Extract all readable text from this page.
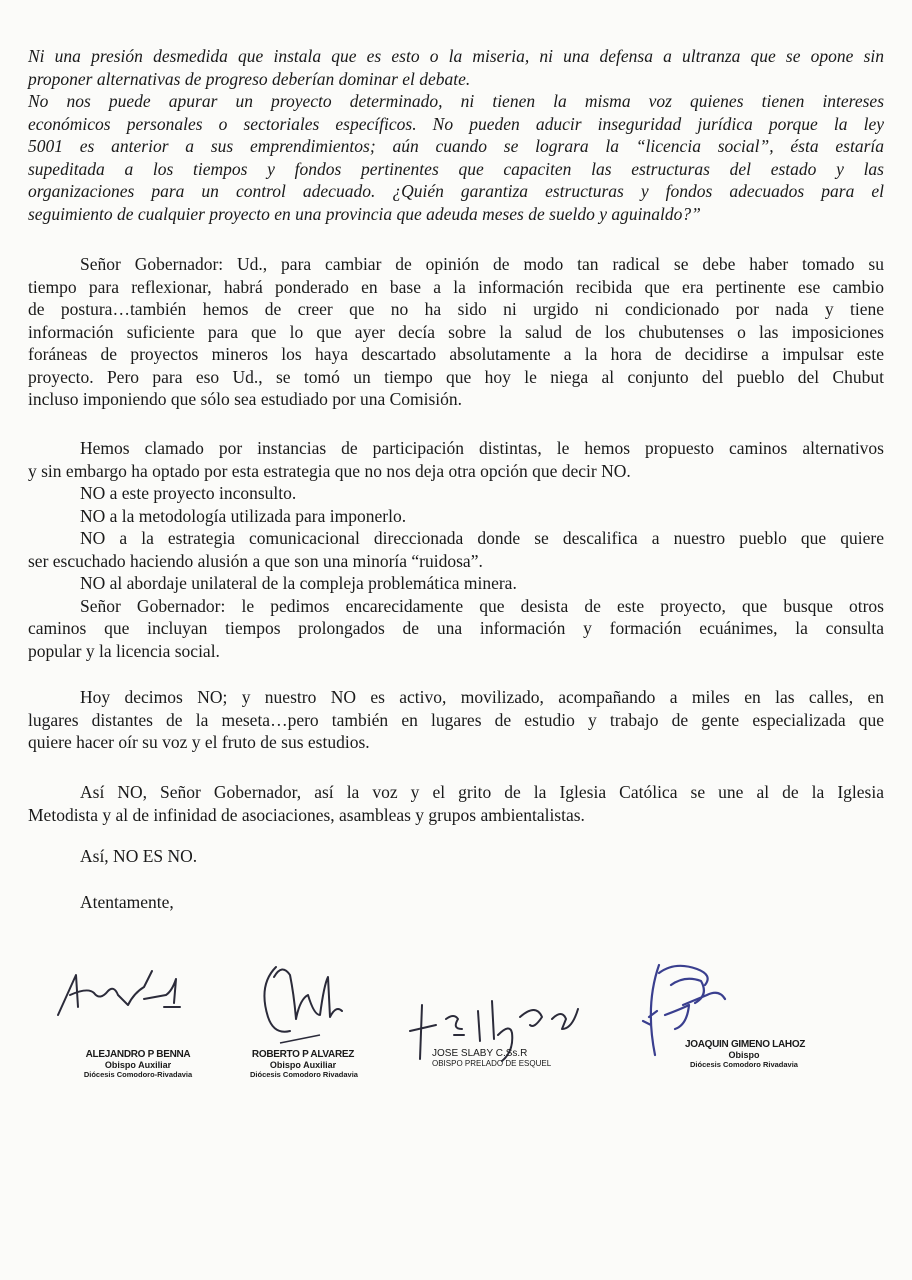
Ni una presión desmedida que instala que es esto o la miseria, ni una defensa a ultranza que se opone sin
proponer alternativas de progreso deberían dominar el debate.
No nos puede apurar un proyecto determinado, ni tienen la misma voz quienes tienen intereses
económicos personales o sectoriales específicos. No pueden aducir inseguridad jurídica porque la ley
5001 es anterior a sus emprendimientos; aún cuando se lograra la “licencia social”, ésta estaría
supeditada a los tiempos y fondos pertinentes que capaciten las estructuras del estado y las
organizaciones para un control adecuado. ¿Quién garantiza estructuras y fondos adecuados para el
seguimiento de cualquier proyecto en una provincia que adeuda meses de sueldo y aguinaldo?”
Señor Gobernador: Ud., para cambiar de opinión de modo tan radical se debe haber tomado su
tiempo para reflexionar, habrá ponderado en base a la información recibida que era pertinente ese cambio
de postura…también hemos de creer que no ha sido ni urgido ni condicionado por nada y tiene
información suficiente para que lo que ayer decía sobre la salud de los chubutenses o las imposiciones
foráneas de proyectos mineros los haya descartado absolutamente a la hora de decidirse a impulsar este
proyecto. Pero para eso Ud., se tomó un tiempo que hoy le niega al conjunto del pueblo del Chubut
incluso imponiendo que sólo sea estudiado por una Comisión.
Hemos clamado por instancias de participación distintas, le hemos propuesto caminos alternativos
y sin embargo ha optado por esta estrategia que no nos deja otra opción que decir NO.
NO a este proyecto inconsulto.
NO a la metodología utilizada para imponerlo.
NO a la estrategia comunicacional direccionada donde se descalifica a nuestro pueblo que quiere
ser escuchado haciendo alusión a que son una minoría “ruidosa”.
NO al abordaje unilateral de la compleja problemática minera.
Señor Gobernador: le pedimos encarecidamente que desista de este proyecto, que busque otros
caminos que incluyan tiempos prolongados de una información y formación ecuánimes, la consulta
popular y la licencia social.
Hoy decimos NO; y nuestro NO es activo, movilizado, acompañando a miles en las calles, en
lugares distantes de la meseta…pero también en lugares de estudio y trabajo de gente especializada que
quiere hacer oír su voz y el fruto de sus estudios.
Así NO, Señor Gobernador, así la voz y el grito de la Iglesia Católica se une al de la Iglesia
Metodista y al de infinidad de asociaciones, asambleas y grupos ambientalistas.
Así, NO ES NO.
Atentamente,
ALEJANDRO P BENNA
Obispo Auxiliar
Diócesis Comodoro-Rivadavia
ROBERTO P ALVAREZ
Obispo Auxiliar
Diócesis Comodoro Rivadavia
JOSE SLABY C.Ss.R
OBISPO PRELADO DE ESQUEL
JOAQUIN GIMENO LAHOZ
Obispo
Diócesis Comodoro Rivadavia
